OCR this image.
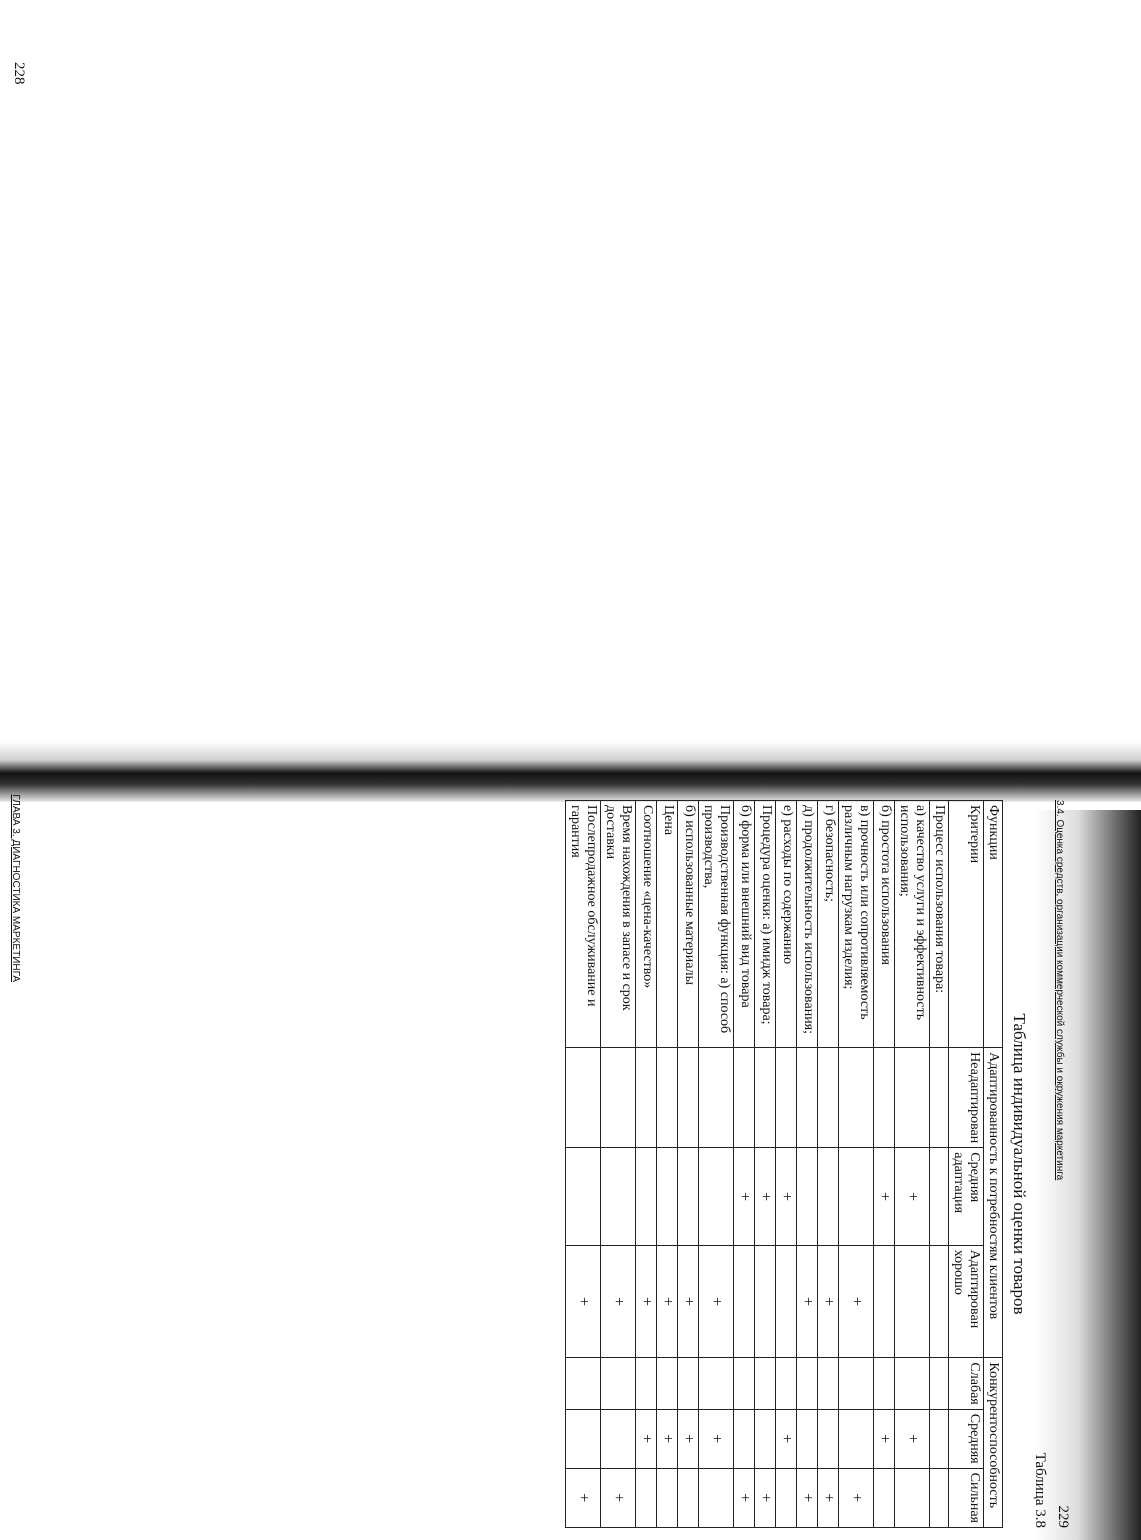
228
ГЛАВА 3. ДИАГНОСТИКА МАРКЕТИНГА	3.4. Оценка средств, организации коммерческой службы и окружения маркетинга
229
Таблица 3.8
Таблица индивидуальной оценки товаров
Функции	Адаптированность к потребностям клиентов			Конкурентоспособность		
Критерии	Неадаптирован	Средняя адаптация	Адаптирован хорошо	Слабая	Средняя	Сильная
Процесс использования товара:						
а) качество услуги и эффективность использования;		+			+	
б) простота использования		+			+	
в) прочность или сопротивляемость различным нагрузкам изделия;			+			+
г) безопасность;			+			+
д) продолжительность использования;			+			+
е) расходы по содержанию		+			+	
Процедура оценки: а) имидж товара;		+				+
б) форма или внешний вид товара		+				+
Производственная функция: а) способ производства,			+		+	
б) использованные материалы			+		+	
Цена			+		+	
Соотношение «цена-качество»			+		+	
Время нахождения в запасе и срок доставки			+			+
Послепродажное обслуживание и гарантия			+			+
